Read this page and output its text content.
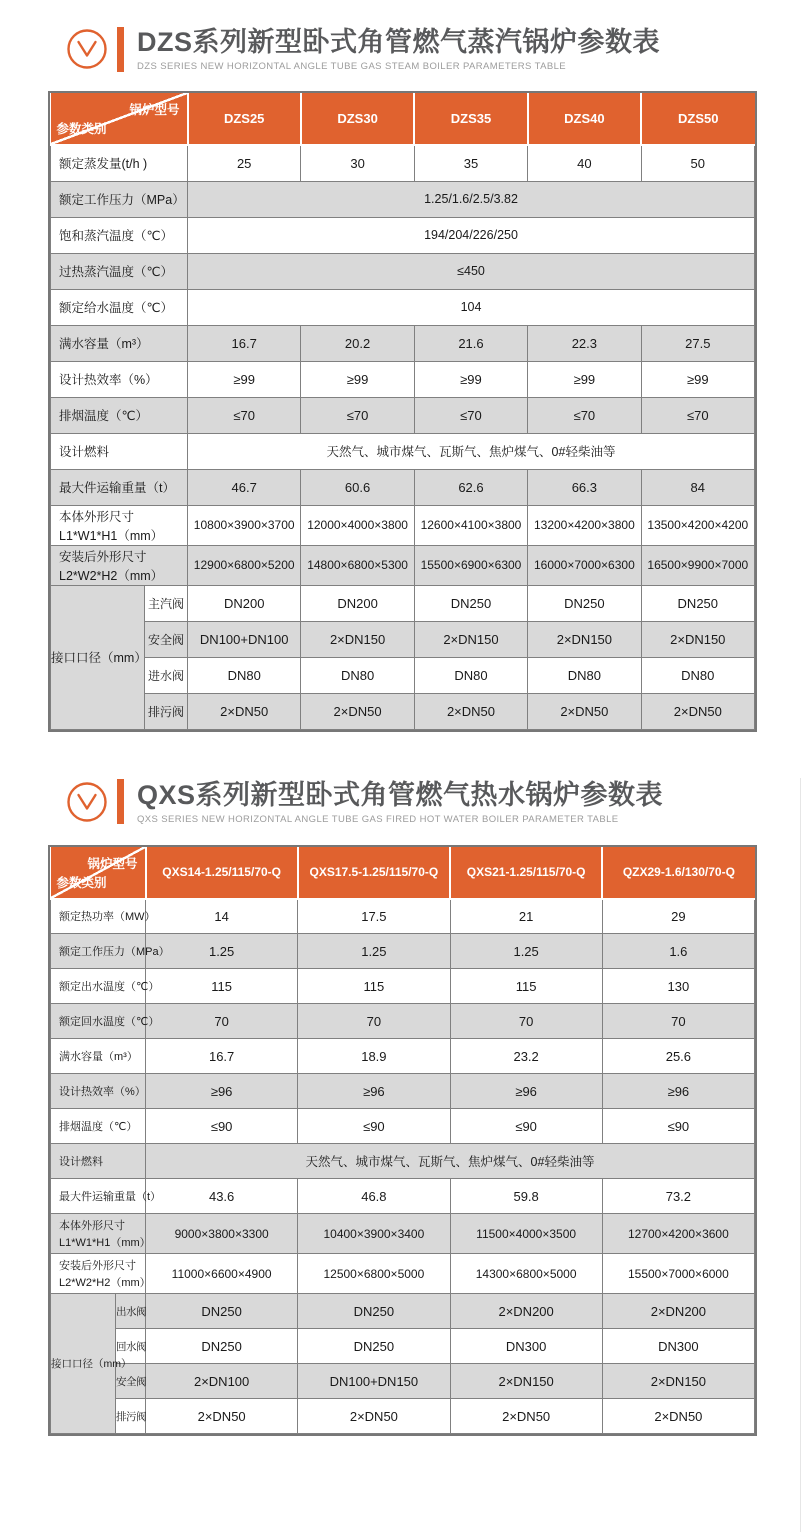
DZS系列新型卧式角管燃气蒸汽锅炉参数表
DZS SERIES NEW HORIZONTAL ANGLE TUBE GAS STEAM BOILER PARAMETERS TABLE
锅炉型号
参数类别		DZS25	DZS30	DZS35	DZS40	DZS50
额定蒸发量(t/h )		25	30	35	40	50
额定工作压力（MPa）		1.25/1.6/2.5/3.82				
饱和蒸汽温度（℃）		194/204/226/250				
过热蒸汽温度（℃）		≤450				
额定给水温度（℃）		104				
满水容量（m³）		16.7	20.2	21.6	22.3	27.5
设计热效率（%）		≥99	≥99	≥99	≥99	≥99
排烟温度（℃）		≤70	≤70	≤70	≤70	≤70
设计燃料		天然气、城市煤气、瓦斯气、焦炉煤气、0#轻柴油等				
最大件运输重量（t）		46.7	60.6	62.6	66.3	84

本体外形尺寸
L1*W1*H1（mm）		10800×3900×3700	12000×4000×3800	12600×4100×3800	13200×4200×3800	13500×4200×4200

安装后外形尺寸
L2*W2*H2（mm）		12900×6800×5200	14800×6800×5300	15500×6900×6300	16000×7000×6300	16500×9900×7000
接口口径（mm）	主汽阀	DN200	DN200	DN250	DN250	DN250
	安全阀	DN100+DN100	2×DN150	2×DN150	2×DN150	2×DN150
	进水阀	DN80	DN80	DN80	DN80	DN80
	排污阀	2×DN50	2×DN50	2×DN50	2×DN50	2×DN50
QXS系列新型卧式角管燃气热水锅炉参数表
QXS SERIES NEW HORIZONTAL ANGLE TUBE GAS FIRED HOT WATER BOILER PARAMETER TABLE
锅炉型号
参数类别		QXS14-1.25/115/70-Q	QXS17.5-1.25/115/70-Q	QXS21-1.25/115/70-Q	QZX29-1.6/130/70-Q
额定热功率（MW）		14	17.5	21	29
额定工作压力（MPa）		1.25	1.25	1.25	1.6
额定出水温度（℃）		115	115	115	130
额定回水温度（℃）		70	70	70	70
满水容量（m³）		16.7	18.9	23.2	25.6
设计热效率（%）		≥96	≥96	≥96	≥96
排烟温度（℃）		≤90	≤90	≤90	≤90
设计燃料		天然气、城市煤气、瓦斯气、焦炉煤气、0#轻柴油等			
最大件运输重量（t）		43.6	46.8	59.8	73.2

本体外形尺寸
L1*W1*H1（mm）		9000×3800×3300	10400×3900×3400	11500×4000×3500	12700×4200×3600

安装后外形尺寸
L2*W2*H2（mm）		11000×6600×4900	12500×6800×5000	14300×6800×5000	15500×7000×6000
接口口径（mm）	出水阀	DN250	DN250	2×DN200	2×DN200
	回水阀	DN250	DN250	DN300	DN300
	安全阀	2×DN100	DN100+DN150	2×DN150	2×DN150
	排污阀	2×DN50	2×DN50	2×DN50	2×DN50
